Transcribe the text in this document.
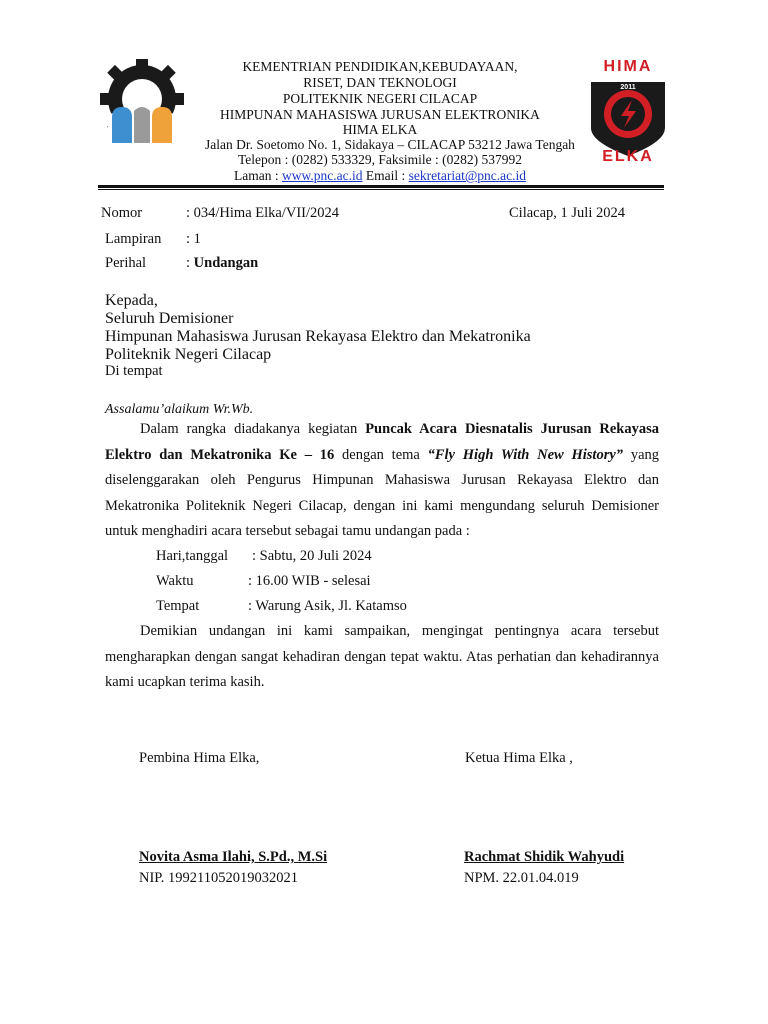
HIMA
2011
ELKA
KEMENTRIAN PENDIDIKAN,KEBUDAYAAN,
RISET, DAN TEKNOLOGI
POLITEKNIK NEGERI CILACAP
HIMPUNAN MAHASISWA JURUSAN ELEKTRONIKA
HIMA ELKA
Jalan Dr. Soetomo No. 1, Sidakaya – CILACAP 53212 Jawa Tengah
Telepon : (0282) 533329, Faksimile : (0282) 537992
Laman : www.pnc.ac.id Email : sekretariat@pnc.ac.id
Nomor	: 034/Hima Elka/VII/2024	Cilacap, 1 Juli 2024
Lampiran : 1
Perihal	: Undangan
Kepada,
Seluruh Demisioner
Himpunan Mahasiswa Jurusan Rekayasa Elektro dan Mekatronika
Politeknik Negeri Cilacap
Di tempat
Assalamu’alaikum Wr.Wb.
Dalam rangka diadakanya kegiatan Puncak Acara Diesnatalis Jurusan Rekayasa Elektro dan Mekatronika Ke – 16 dengan tema “Fly High With New History” yang diselenggarakan oleh Pengurus Himpunan Mahasiswa Jurusan Rekayasa Elektro dan Mekatronika Politeknik Negeri Cilacap, dengan ini kami mengundang seluruh Demisioner untuk menghadiri acara tersebut sebagai tamu undangan pada :
Hari,tanggal : Sabtu, 20 Juli 2024
Waktu	: 16.00 WIB - selesai
Tempat	: Warung Asik, Jl. Katamso
Demikian undangan ini kami sampaikan, mengingat pentingnya acara tersebut mengharapkan dengan sangat kehadiran dengan tepat waktu. Atas perhatian dan kehadirannya kami ucapkan terima kasih.
Pembina Hima Elka,	Ketua Hima Elka ,
Novita Asma Ilahi, S.Pd., M.Si	Rachmat Shidik Wahyudi
NIP. 199211052019032021	NPM. 22.01.04.019
